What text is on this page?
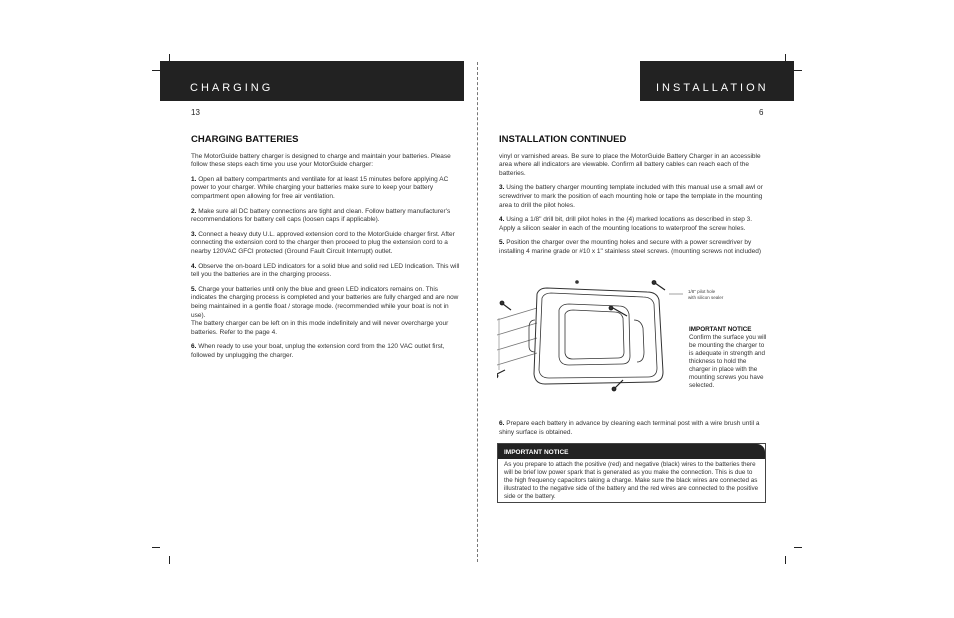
CHARGING
13
CHARGING BATTERIES

The MotorGuide battery charger is designed to charge and maintain your batteries. Please follow these steps each time you use your MotorGuide charger:

1. Open all battery compartments and ventilate for at least 15 minutes before applying AC power to your charger. While charging your batteries make sure to keep your battery compartment open allowing for free air ventilation.

2. Make sure all DC battery connections are tight and clean. Follow battery manufacturer's recommendations for battery cell caps (loosen caps if applicable).

3. Connect a heavy duty U.L. approved extension cord to the MotorGuide charger first. After connecting the extension cord to the charger then proceed to plug the extension cord to a nearby 120VAC GFCI protected (Ground Fault Circuit Interrupt) outlet.

4. Observe the on-board LED indicators for a solid blue and solid red LED Indication. This will tell you the batteries are in the charging process.

5. Charge your batteries until only the blue and green LED indicators remains on. This indicates the charging process is completed and your batteries are fully charged and are now being maintained in a gentle float / storage mode. (recommended while your boat is not in use).
The battery charger can be left on in this mode indefinitely and will never overcharge your batteries. Refer to the page 4.

6. When ready to use your boat, unplug the extension cord from the 120 VAC outlet first, followed by unplugging the charger.

INSTALLATION
6
INSTALLATION CONTINUED

vinyl or varnished areas. Be sure to place the MotorGuide Battery Charger in an accessible area where all indicators are viewable. Confirm all battery cables can reach each of the batteries.

3. Using the battery charger mounting template included with this manual use a small awl or screwdriver to mark the position of each mounting hole or tape the template in the mounting area to drill the pilot holes.

4. Using a 1/8" drill bit, drill pilot holes in the (4) marked locations as described in step 3. Apply a silicon sealer in each of the mounting locations to waterproof the screw holes.

5. Position the charger over the mounting holes and secure with a power screwdriver by installing 4 marine grade or #10 x 1" stainless steel screws. (mounting screws not included)

1/8" pilot hole
with silicon sealer
IMPORTANT NOTICE
Confirm the surface you will be mounting the charger to is adequate in strength and thickness to hold the charger in place with the mounting screws you have selected.

6. Prepare each battery in advance by cleaning each terminal post with a wire brush until a shiny surface is obtained.

IMPORTANT NOTICE
As you prepare to attach the positive (red) and negative (black) wires to the batteries there will be brief low power spark that is generated as you make the connection. This is due to the high frequency capacitors taking a charge. Make sure the black wires are connected as illustrated to the negative side of the battery and the red wires are connected to the positive side or the battery.
